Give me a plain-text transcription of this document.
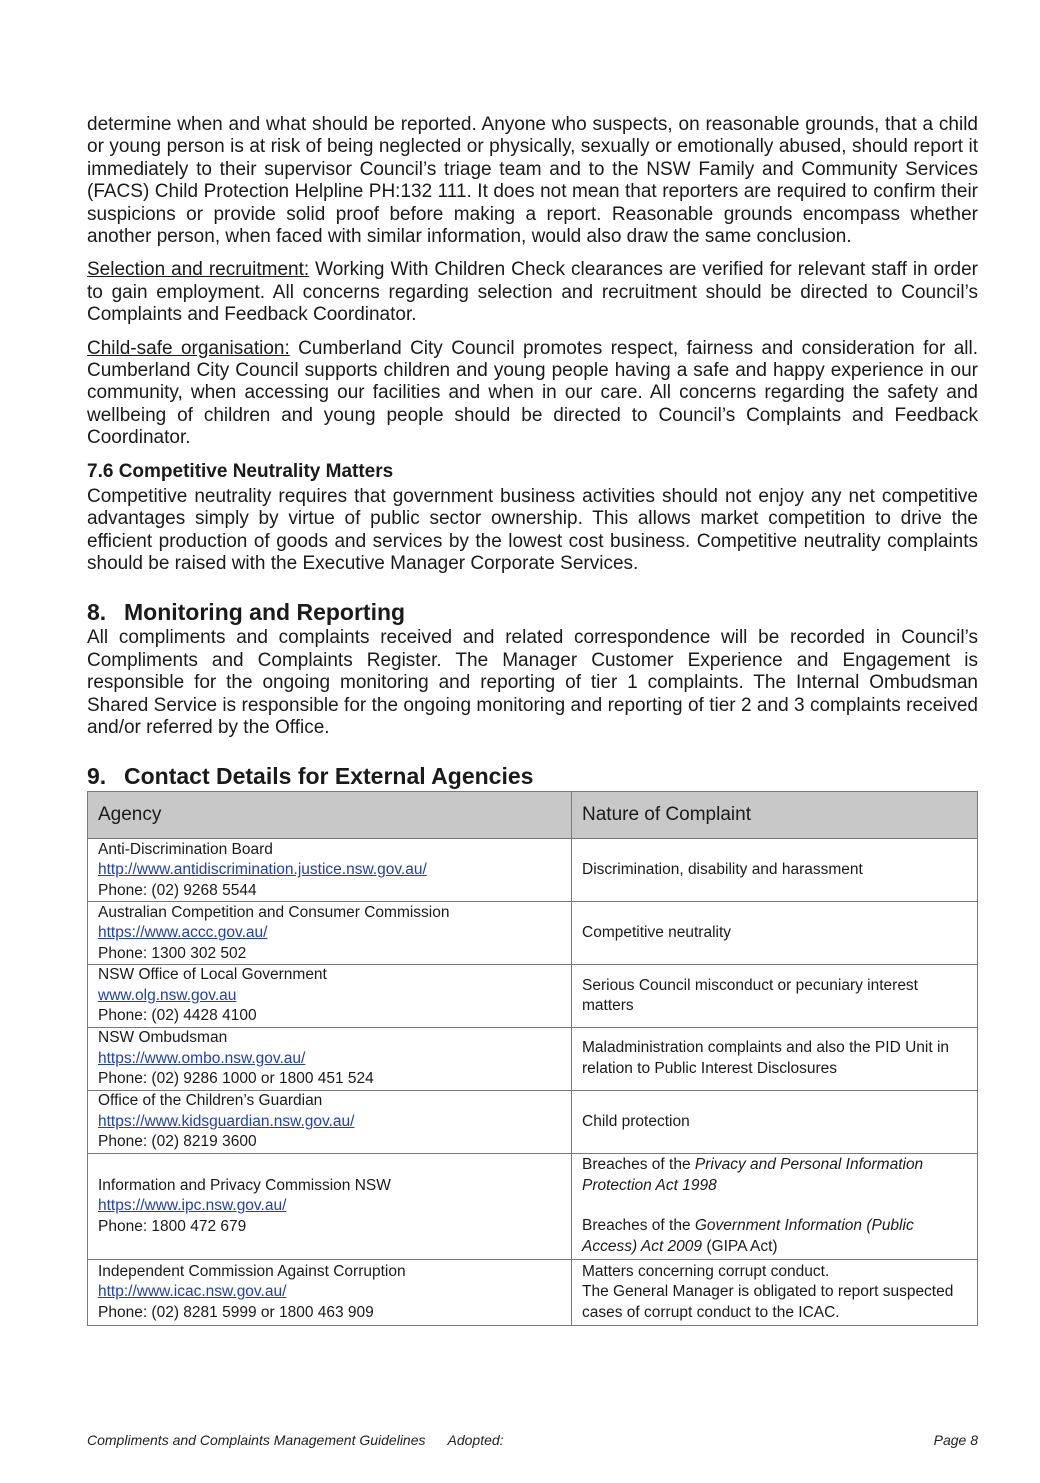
determine when and what should be reported. Anyone who suspects, on reasonable grounds, that a child or young person is at risk of being neglected or physically, sexually or emotionally abused, should report it immediately to their supervisor Council’s triage team and to the NSW Family and Community Services (FACS) Child Protection Helpline PH:132 111. It does not mean that reporters are required to confirm their suspicions or provide solid proof before making a report. Reasonable grounds encompass whether another person, when faced with similar information, would also draw the same conclusion.

Selection and recruitment: Working With Children Check clearances are verified for relevant staff in order to gain employment. All concerns regarding selection and recruitment should be directed to Council’s Complaints and Feedback Coordinator.

Child-safe organisation: Cumberland City Council promotes respect, fairness and consideration for all. Cumberland City Council supports children and young people having a safe and happy experience in our community, when accessing our facilities and when in our care. All concerns regarding the safety and wellbeing of children and young people should be directed to Council’s Complaints and Feedback Coordinator.

7.6 Competitive Neutrality Matters

Competitive neutrality requires that government business activities should not enjoy any net competitive advantages simply by virtue of public sector ownership. This allows market competition to drive the efficient production of goods and services by the lowest cost business. Competitive neutrality complaints should be raised with the Executive Manager Corporate Services.

8. Monitoring and Reporting

All compliments and complaints received and related correspondence will be recorded in Council’s Compliments and Complaints Register. The Manager Customer Experience and Engagement is responsible for the ongoing monitoring and reporting of tier 1 complaints. The Internal Ombudsman Shared Service is responsible for the ongoing monitoring and reporting of tier 2 and 3 complaints received and/or referred by the Office.

9. Contact Details for External Agencies
Agency	Nature of Complaint

Anti-Discrimination Board
http://www.antidiscrimination.justice.nsw.gov.au/
Phone: (02) 9268 5544	Discrimination, disability and harassment

Australian Competition and Consumer Commission
https://www.accc.gov.au/
Phone: 1300 302 502	Competitive neutrality

NSW Office of Local Government
www.olg.nsw.gov.au
Phone: (02) 4428 4100	Serious Council misconduct or pecuniary interest matters

NSW Ombudsman
https://www.ombo.nsw.gov.au/
Phone: (02) 9286 1000 or 1800 451 524	Maladministration complaints and also the PID Unit in relation to Public Interest Disclosures

Office of the Children’s Guardian
https://www.kidsguardian.nsw.gov.au/
Phone: (02) 8219 3600	Child protection

Information and Privacy Commission NSW
https://www.ipc.nsw.gov.au/
Phone: 1800 472 679	Breaches of the Privacy and Personal Information Protection Act 1998
Breaches of the Government Information (Public Access) Act 2009 (GIPA Act)

Independent Commission Against Corruption
http://www.icac.nsw.gov.au/
Phone: (02) 8281 5999 or 1800 463 909	Matters concerning corrupt conduct.
The General Manager is obligated to report suspected cases of corrupt conduct to the ICAC.
Compliments and Complaints Management Guidelines Adopted:	Page 8
